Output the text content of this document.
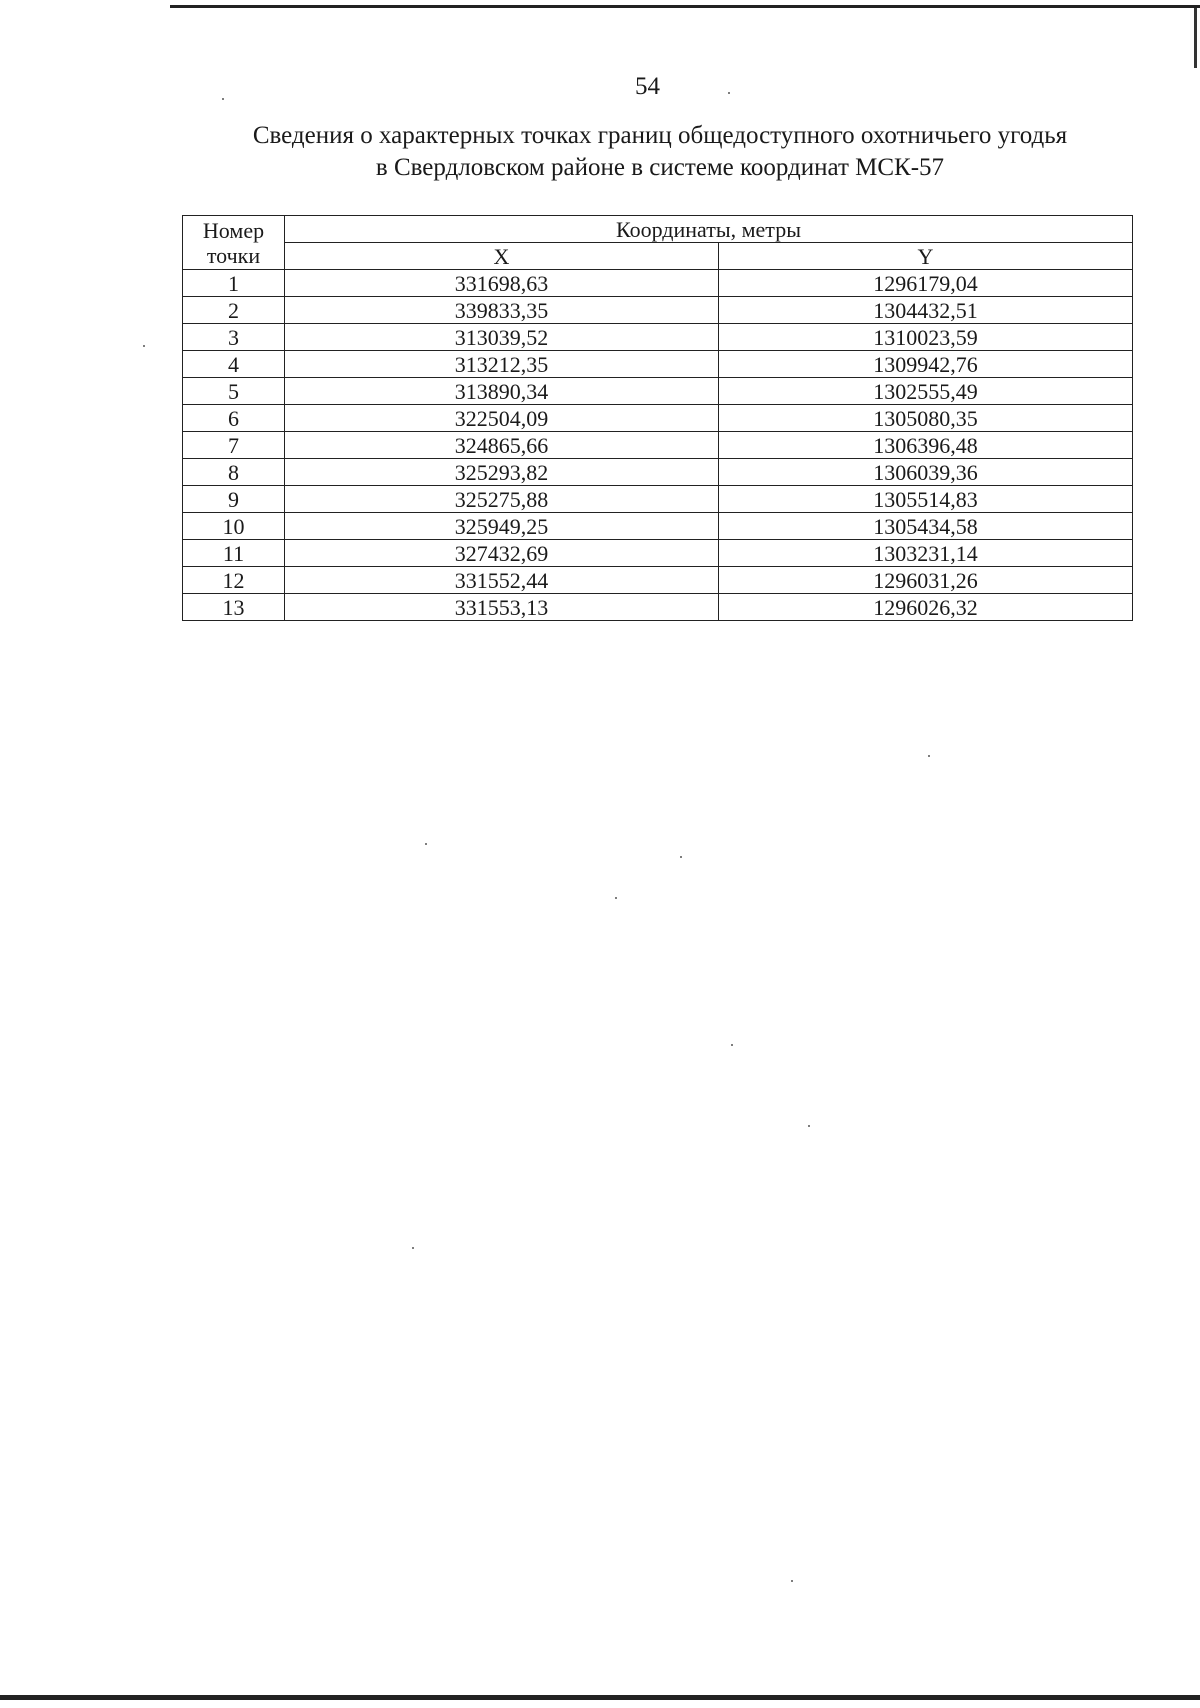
54
Сведения о характерных точках границ общедоступного охотничьего угодья
в Свердловском районе в системе координат МСК-57
Номер точки	Координаты, метры	
	X	Y
1	331698,63	1296179,04
2	339833,35	1304432,51
3	313039,52	1310023,59
4	313212,35	1309942,76
5	313890,34	1302555,49
6	322504,09	1305080,35
7	324865,66	1306396,48
8	325293,82	1306039,36
9	325275,88	1305514,83
10	325949,25	1305434,58
11	327432,69	1303231,14
12	331552,44	1296031,26
13	331553,13	1296026,32
